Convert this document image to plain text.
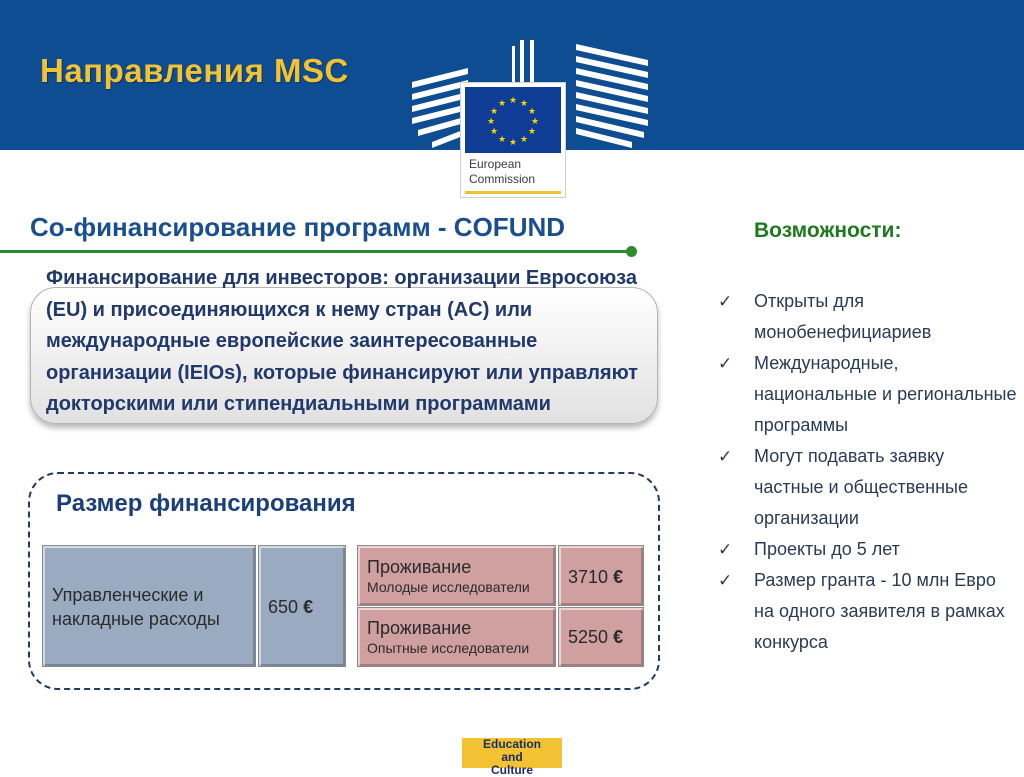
Направления MSC
★ ★
★
★
★
★
★
★
★
★
★
★
European
Commission
Со-финансирование программ - COFUND
Финансирование для инвесторов: организации Евросоюза (EU) и присоединяющихся к нему стран (AC) или международные европейские заинтересованные организации (IEIOs), которые финансируют или управляют докторскими или стипендиальными программами
Размер финансирования
Управленческие и накладные расходы
650 €
Проживание
Молодые исследователи 3710 €
Проживание
Опытные исследователи
5250 €
Возможности:
✓ Открыты для монобенефициариев
✓ Международные, национальные и региональные программы
✓ Могут подавать заявку частные и общественные организации
✓ Проекты до 5 лет
✓ Размер гранта - 10 млн Евро на одного заявителя в рамках конкурса
Education
and
Culture
